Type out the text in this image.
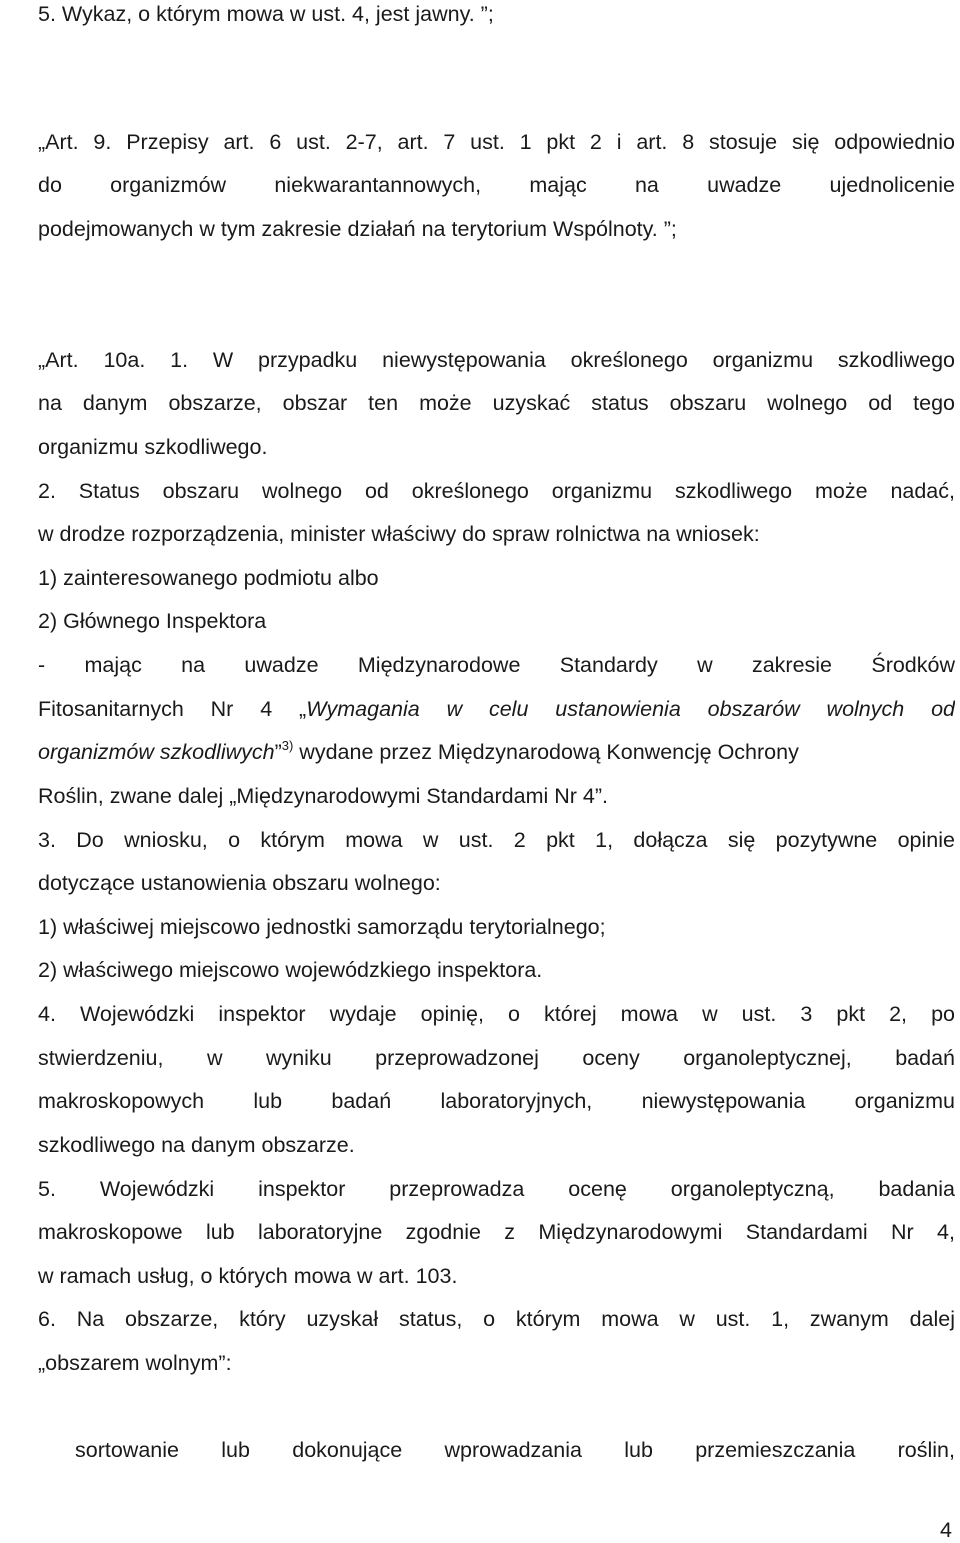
5. Wykaz, o którym mowa w ust. 4, jest jawny. ”;
„Art. 9. Przepisy art. 6 ust. 2-7, art. 7 ust. 1 pkt 2 i art. 8 stosuje się odpowiednio
do organizmów niekwarantannowych, mając na uwadze ujednolicenie
podejmowanych w tym zakresie działań na terytorium Wspólnoty. ”;
„Art. 10a. 1. W przypadku niewystępowania określonego organizmu szkodliwego
na danym obszarze, obszar ten może uzyskać status obszaru wolnego od tego
organizmu szkodliwego.
2. Status obszaru wolnego od określonego organizmu szkodliwego może nadać,
w drodze rozporządzenia, minister właściwy do spraw rolnictwa na wniosek:
1) zainteresowanego podmiotu albo
2) Głównego Inspektora
- mając na uwadze Międzynarodowe Standardy w zakresie Środków
Fitosanitarnych Nr 4 „Wymagania w celu ustanowienia obszarów wolnych od
organizmów szkodliwych”$^{3)}$ wydane przez Międzynarodową Konwencję Ochrony
Roślin, zwane dalej „Międzynarodowymi Standardami Nr 4”.
3. Do wniosku, o którym mowa w ust. 2 pkt 1, dołącza się pozytywne opinie
dotyczące ustanowienia obszaru wolnego:
1) właściwej miejscowo jednostki samorządu terytorialnego;
2) właściwego miejscowo wojewódzkiego inspektora.
4. Wojewódzki inspektor wydaje opinię, o której mowa w ust. 3 pkt 2, po
stwierdzeniu, w wyniku przeprowadzonej oceny organoleptycznej, badań
makroskopowych lub badań laboratoryjnych, niewystępowania organizmu
szkodliwego na danym obszarze.
5. Wojewódzki inspektor przeprowadza ocenę organoleptyczną, badania
makroskopowe lub laboratoryjne zgodnie z Międzynarodowymi Standardami Nr 4,
w ramach usług, o których mowa w art. 103.
6. Na obszarze, który uzyskał status, o którym mowa w ust. 1, zwanym dalej
„obszarem wolnym”:
sortowanie lub dokonujące wprowadzania lub przemieszczania roślin,
4
